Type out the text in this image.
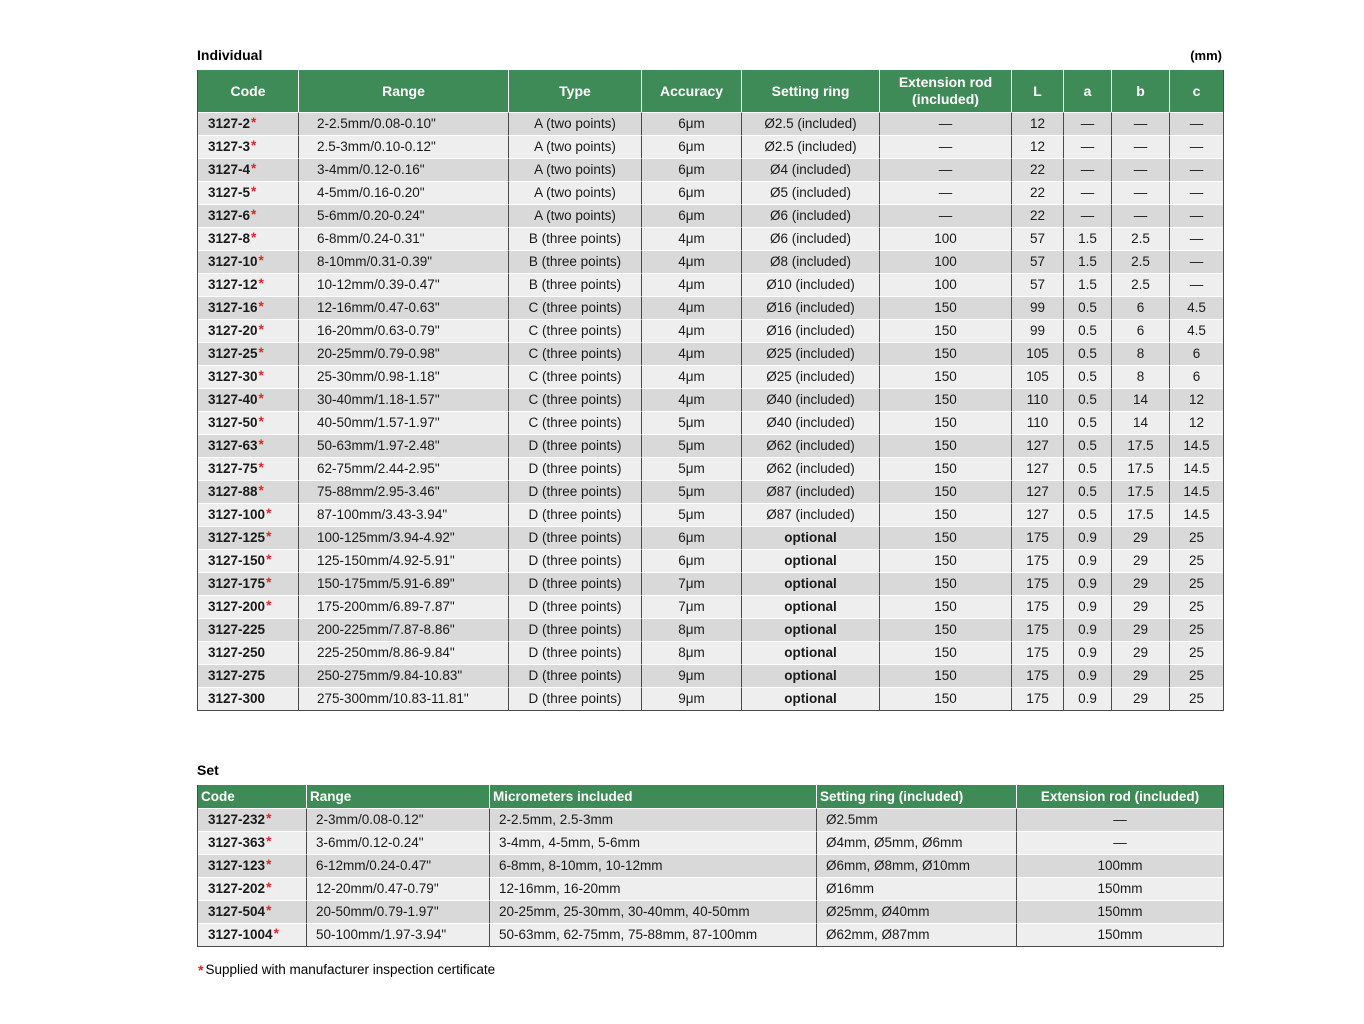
Individual	(mm)
Code	Range	Type	Accuracy	Setting ring	Extension rod (included)	L	a	b	c
3127-2*	2-2.5mm/0.08-0.10"	A (two points)	6μm	Ø2.5 (included)	—	12	—	—	—
3127-3*	2.5-3mm/0.10-0.12"	A (two points)	6μm	Ø2.5 (included)	—	12	—	—	—
3127-4*	3-4mm/0.12-0.16"	A (two points)	6μm	Ø4 (included)	—	22	—	—	—
3127-5*	4-5mm/0.16-0.20"	A (two points)	6μm	Ø5 (included)	—	22	—	—	—
3127-6*	5-6mm/0.20-0.24"	A (two points)	6μm	Ø6 (included)	—	22	—	—	—
3127-8*	6-8mm/0.24-0.31"	B (three points)	4μm	Ø6 (included)	100	57	1.5	2.5	—
3127-10*	8-10mm/0.31-0.39"	B (three points)	4μm	Ø8 (included)	100	57	1.5	2.5	—
3127-12*	10-12mm/0.39-0.47"	B (three points)	4μm	Ø10 (included)	100	57	1.5	2.5	—
3127-16*	12-16mm/0.47-0.63"	C (three points)	4μm	Ø16 (included)	150	99	0.5	6	4.5
3127-20*	16-20mm/0.63-0.79"	C (three points)	4μm	Ø16 (included)	150	99	0.5	6	4.5
3127-25*	20-25mm/0.79-0.98"	C (three points)	4μm	Ø25 (included)	150	105	0.5	8	6
3127-30*	25-30mm/0.98-1.18"	C (three points)	4μm	Ø25 (included)	150	105	0.5	8	6
3127-40*	30-40mm/1.18-1.57"	C (three points)	4μm	Ø40 (included)	150	110	0.5	14	12
3127-50*	40-50mm/1.57-1.97"	C (three points)	5μm	Ø40 (included)	150	110	0.5	14	12
3127-63*	50-63mm/1.97-2.48"	D (three points)	5μm	Ø62 (included)	150	127	0.5	17.5	14.5
3127-75*	62-75mm/2.44-2.95"	D (three points)	5μm	Ø62 (included)	150	127	0.5	17.5	14.5
3127-88*	75-88mm/2.95-3.46"	D (three points)	5μm	Ø87 (included)	150	127	0.5	17.5	14.5
3127-100*	87-100mm/3.43-3.94"	D (three points)	5μm	Ø87 (included)	150	127	0.5	17.5	14.5
3127-125*	100-125mm/3.94-4.92"	D (three points)	6μm	optional	150	175	0.9	29	25
3127-150*	125-150mm/4.92-5.91"	D (three points)	6μm	optional	150	175	0.9	29	25
3127-175*	150-175mm/5.91-6.89"	D (three points)	7μm	optional	150	175	0.9	29	25
3127-200*	175-200mm/6.89-7.87"	D (three points)	7μm	optional	150	175	0.9	29	25
3127-225	200-225mm/7.87-8.86"	D (three points)	8μm	optional	150	175	0.9	29	25
3127-250	225-250mm/8.86-9.84"	D (three points)	8μm	optional	150	175	0.9	29	25
3127-275	250-275mm/9.84-10.83"	D (three points)	9μm	optional	150	175	0.9	29	25
3127-300	275-300mm/10.83-11.81"	D (three points)	9μm	optional	150	175	0.9	29	25
Set
Code	Range	Micrometers included	Setting ring (included)	Extension rod (included)
3127-232*	2-3mm/0.08-0.12"	2-2.5mm, 2.5-3mm	Ø2.5mm	—
3127-363*	3-6mm/0.12-0.24"	3-4mm, 4-5mm, 5-6mm	Ø4mm, Ø5mm, Ø6mm	—
3127-123*	6-12mm/0.24-0.47"	6-8mm, 8-10mm, 10-12mm	Ø6mm, Ø8mm, Ø10mm	100mm
3127-202*	12-20mm/0.47-0.79"	12-16mm, 16-20mm	Ø16mm	150mm
3127-504*	20-50mm/0.79-1.97"	20-25mm, 25-30mm, 30-40mm, 40-50mm	Ø25mm, Ø40mm	150mm
3127-1004*	50-100mm/1.97-3.94"	50-63mm, 62-75mm, 75-88mm, 87-100mm	Ø62mm, Ø87mm	150mm
* Supplied with manufacturer inspection certificate
